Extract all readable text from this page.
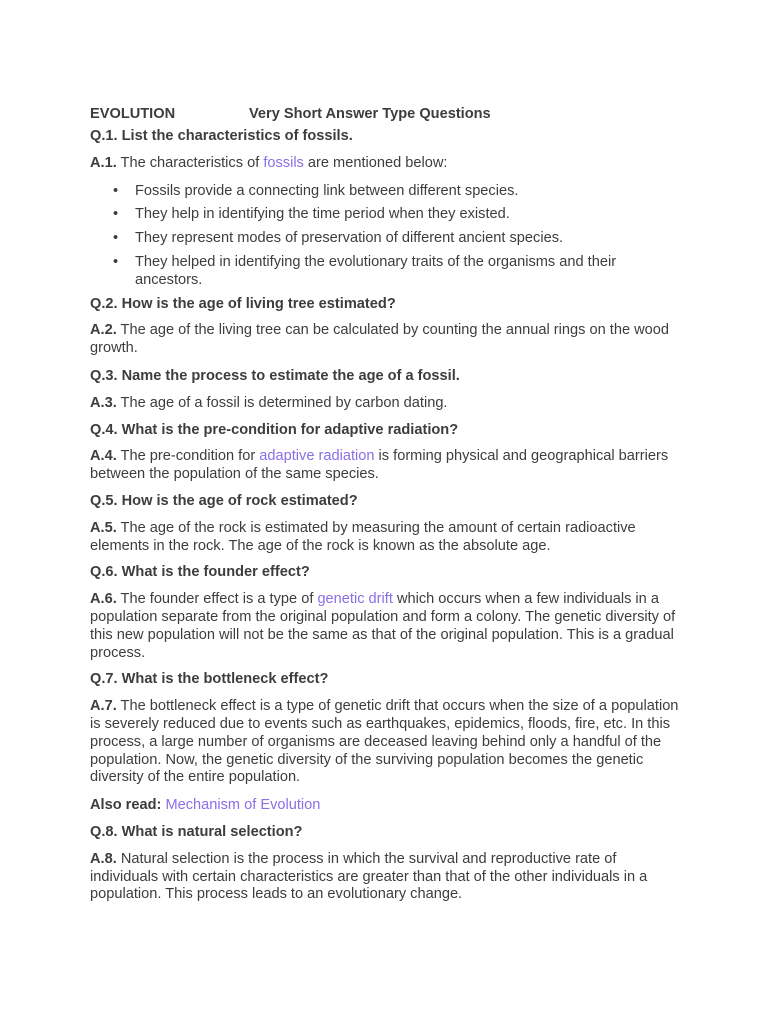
EVOLUTION	Very Short Answer Type Questions

Q.1. List the characteristics of fossils.

A.1. The characteristics of fossils are mentioned below:

• Fossils provide a connecting link between different species.
• They help in identifying the time period when they existed.
• They represent modes of preservation of different ancient species.
• They helped in identifying the evolutionary traits of the organisms and their ancestors.

Q.2. How is the age of living tree estimated?

A.2. The age of the living tree can be calculated by counting the annual rings on the wood growth.

Q.3. Name the process to estimate the age of a fossil.

A.3. The age of a fossil is determined by carbon dating.

Q.4. What is the pre-condition for adaptive radiation?

A.4. The pre-condition for adaptive radiation is forming physical and geographical barriers between the population of the same species.

Q.5. How is the age of rock estimated?

A.5. The age of the rock is estimated by measuring the amount of certain radioactive elements in the rock. The age of the rock is known as the absolute age.

Q.6. What is the founder effect?

A.6. The founder effect is a type of genetic drift which occurs when a few individuals in a population separate from the original population and form a colony. The genetic diversity of this new population will not be the same as that of the original population. This is a gradual process.

Q.7. What is the bottleneck effect?

A.7. The bottleneck effect is a type of genetic drift that occurs when the size of a population is severely reduced due to events such as earthquakes, epidemics, floods, fire, etc. In this process, a large number of organisms are deceased leaving behind only a handful of the population. Now, the genetic diversity of the surviving population becomes the genetic diversity of the entire population.

Also read: Mechanism of Evolution

Q.8. What is natural selection?

A.8. Natural selection is the process in which the survival and reproductive rate of individuals with certain characteristics are greater than that of the other individuals in a population. This process leads to an evolutionary change.
